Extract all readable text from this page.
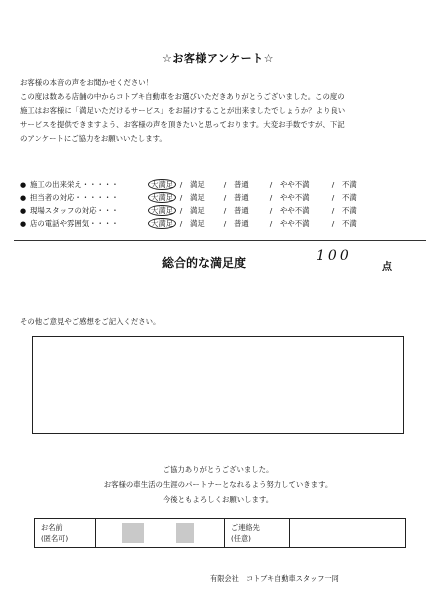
☆お客様アンケート☆
お客様の本音の声をお聞かせください！
この度は数ある店舗の中からコトブキ自動車をお選びいただきありがとうございました。この度の
施工はお客様に「満足いただけるサービス」をお届けすることが出来ましたでしょうか？より良い
サービスを提供できますよう、お客様の声を頂きたいと思っております。大変お手数ですが、下記
のアンケートにご協力をお願いいたします。
● 施工の出来栄え・・・・・	大満足 /	満足	/	普通	/	やや不満	/	不満
● 担当者の対応・・・・・・	大満足 /	満足	/	普通	/	やや不満	/	不満
● 現場スタッフの対応・・・	大満足 /	満足	/	普通	/	やや不満	/	不満
● 店の電話や雰囲気・・・・	大満足 /	満足	/	普通	/	やや不満	/	不満
総合的な満足度	100
点
その他ご意見やご感想をご記入ください。
ご協力ありがとうございました。
お客様の車生活の生涯のパートナーとなれるよう努力していきます。
今後ともよろしくお願いします。
お名前
(匿名可)
ご連絡先
(任意)
有限会社　コトブキ自動車スタッフ一同
